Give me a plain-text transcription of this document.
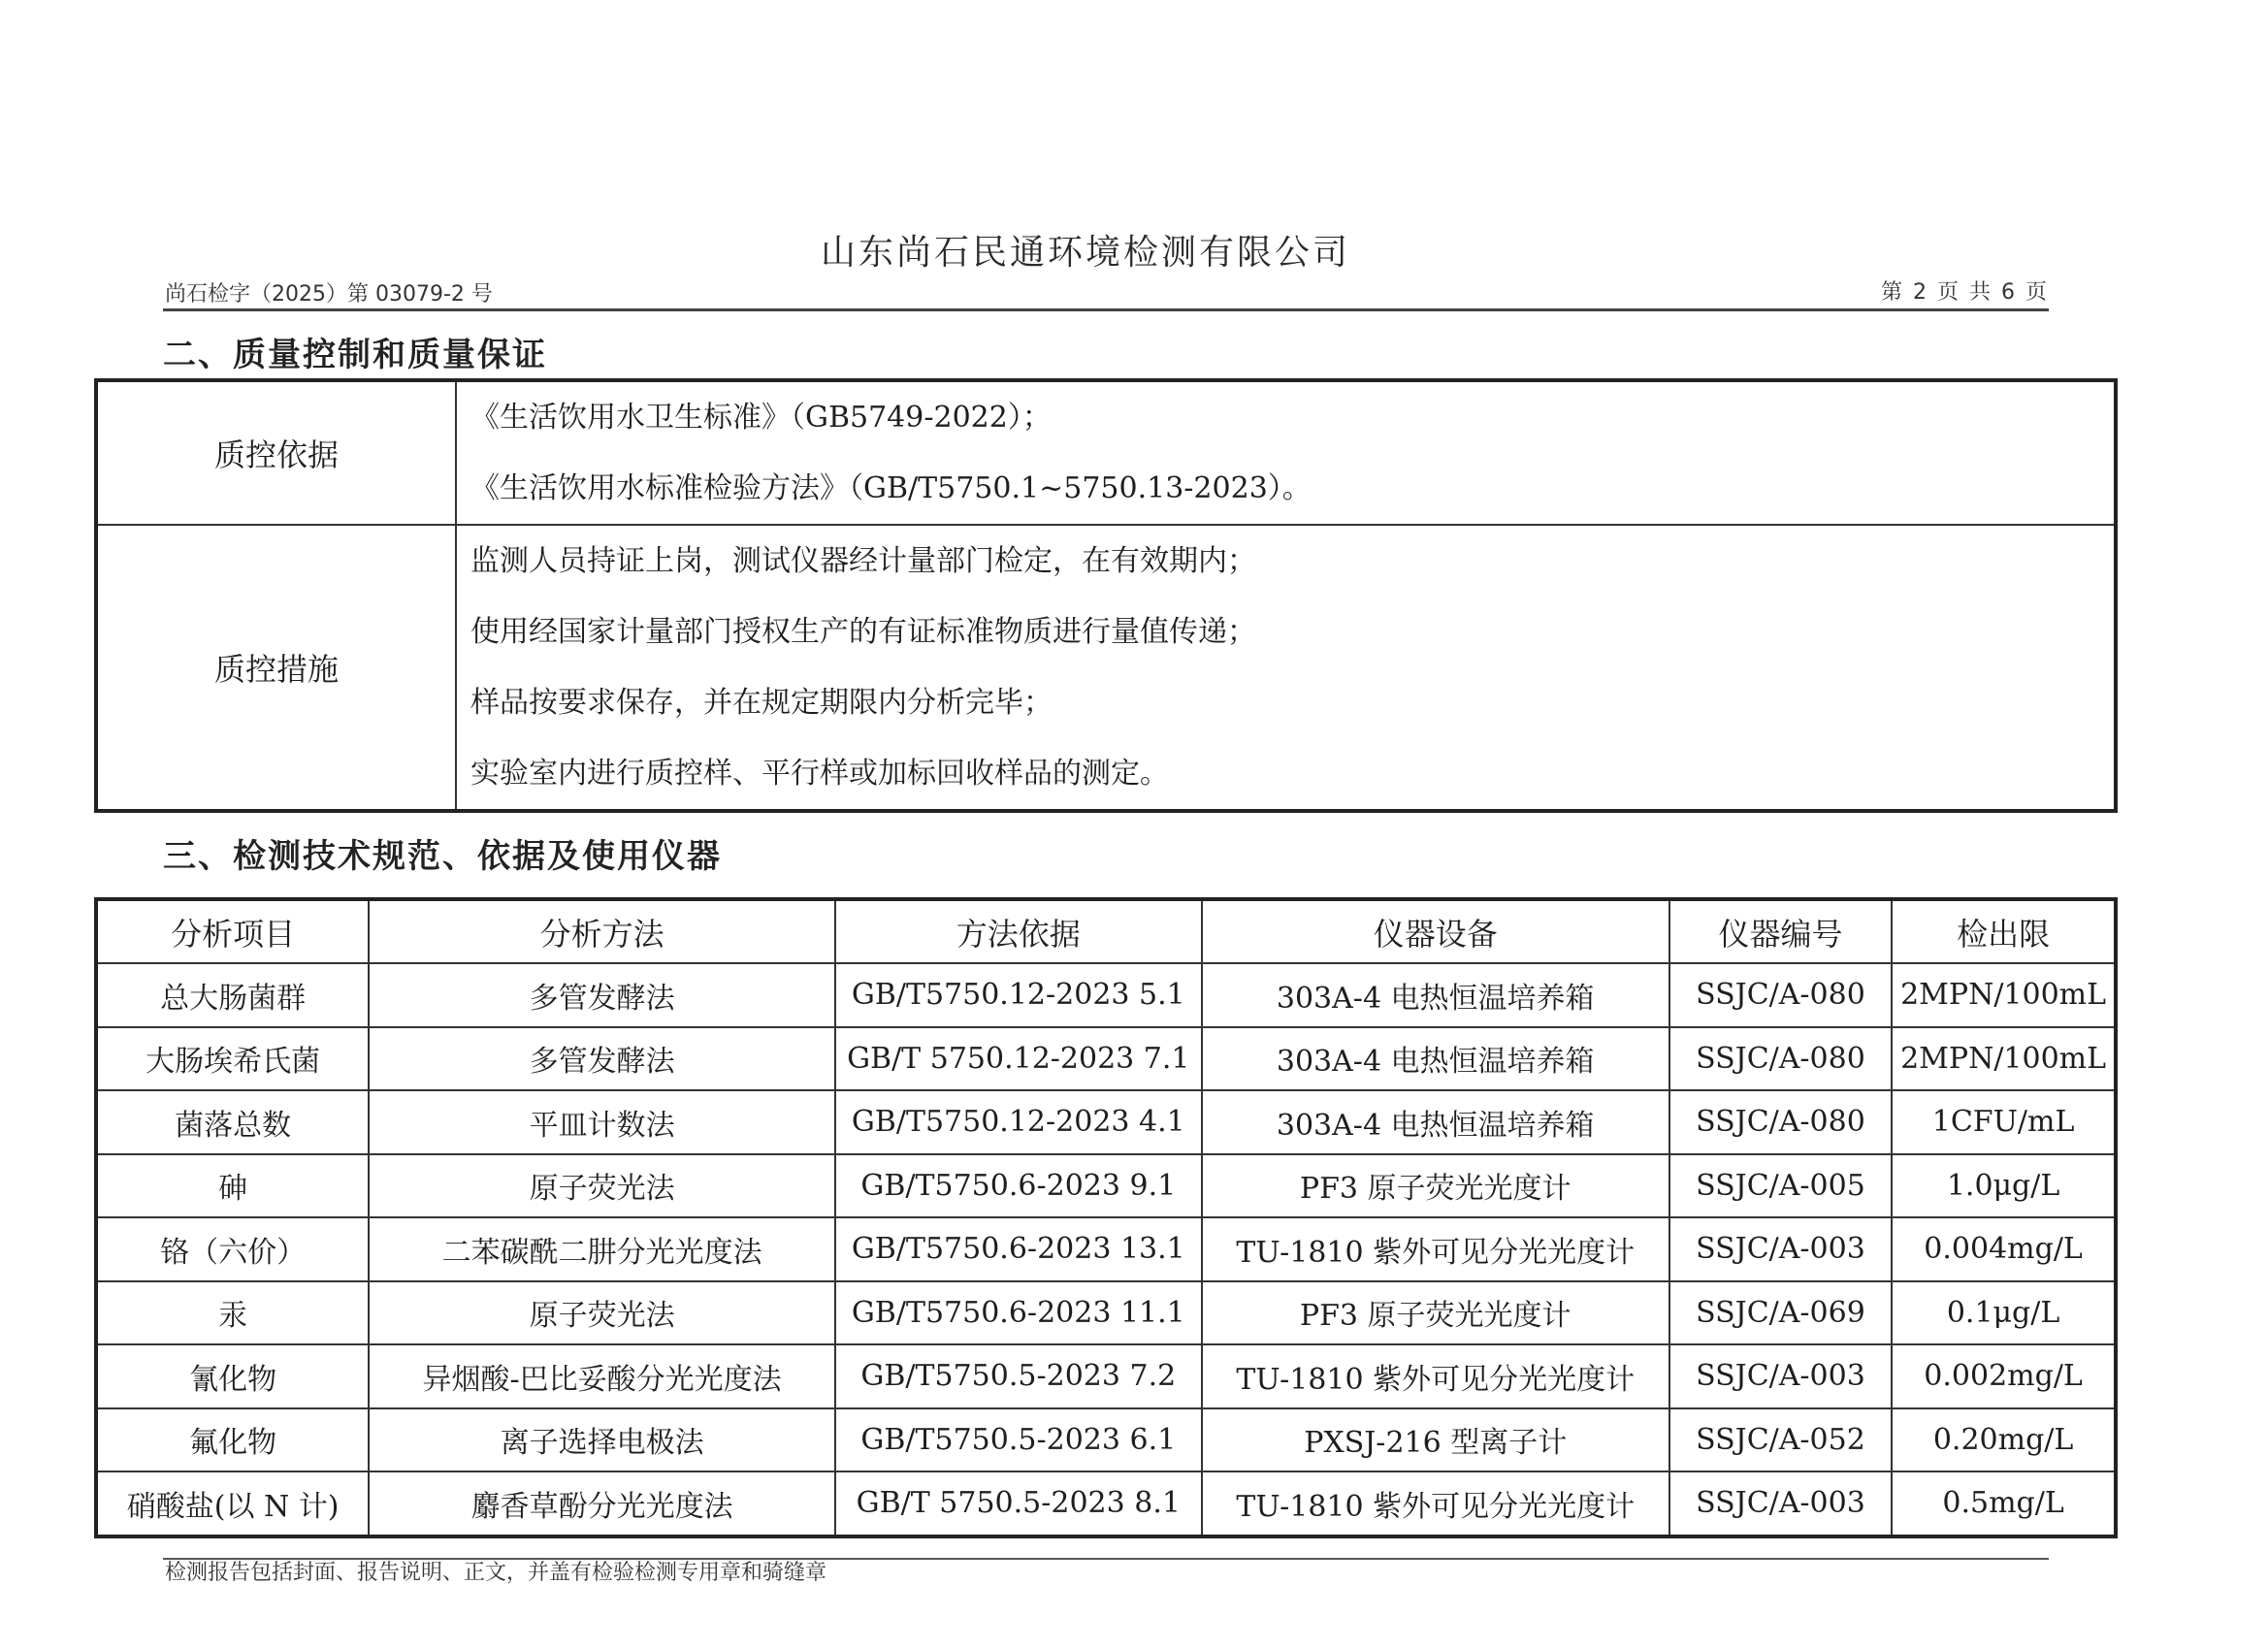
山东尚石民通环境检测有限公司
尚石检字（2025）第 03079-2 号	第 2 页 共 6 页
二、质量控制和质量保证
质控依据	《生活饮用水卫生标准》（GB5749-2022）；
《生活饮用水标准检验方法》（GB/T5750.1~5750.13-2023）。

质控措施	监测人员持证上岗，测试仪器经计量部门检定，在有效期内；
使用经国家计量部门授权生产的有证标准物质进行量值传递；
样品按要求保存，并在规定期限内分析完毕；
实验室内进行质控样、平行样或加标回收样品的测定。
三、检测技术规范、依据及使用仪器
分析项目	分析方法	方法依据	仪器设备	仪器编号	检出限
总大肠菌群	多管发酵法	GB/T5750.12-2023 5.1	303A-4 电热恒温培养箱	SSJC/A-080	2MPN/100mL
大肠埃希氏菌	多管发酵法	GB/T 5750.12-2023 7.1	303A-4 电热恒温培养箱	SSJC/A-080	2MPN/100mL
菌落总数	平皿计数法	GB/T5750.12-2023 4.1	303A-4 电热恒温培养箱	SSJC/A-080	1CFU/mL
砷	原子荧光法	GB/T5750.6-2023 9.1	PF3 原子荧光光度计	SSJC/A-005	1.0μg/L
铬（六价）	二苯碳酰二肼分光光度法	GB/T5750.6-2023 13.1	TU-1810 紫外可见分光光度计	SSJC/A-003	0.004mg/L
汞	原子荧光法	GB/T5750.6-2023 11.1	PF3 原子荧光光度计	SSJC/A-069	0.1μg/L
氰化物	异烟酸-巴比妥酸分光光度法	GB/T5750.5-2023 7.2	TU-1810 紫外可见分光光度计	SSJC/A-003	0.002mg/L
氟化物	离子选择电极法	GB/T5750.5-2023 6.1	PXSJ-216 型离子计	SSJC/A-052	0.20mg/L
硝酸盐(以 N 计)	麝香草酚分光光度法	GB/T 5750.5-2023 8.1	TU-1810 紫外可见分光光度计	SSJC/A-003	0.5mg/L
检测报告包括封面、报告说明、正文，并盖有检验检测专用章和骑缝章
